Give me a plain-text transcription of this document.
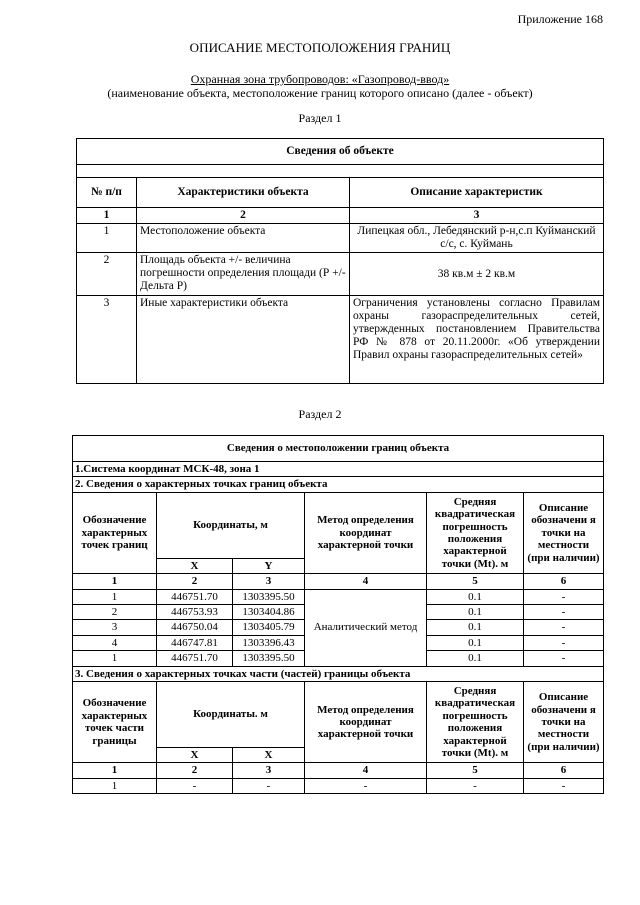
Приложение 168
ОПИСАНИЕ МЕСТОПОЛОЖЕНИЯ ГРАНИЦ
Охранная зона трубопроводов: «Газопровод-ввод»
(наименование объекта, местоположение границ которого описано (далее - объект)
Раздел 1
Сведения об объекте		

№ п/п	Характеристики объекта	Описание характеристик
1	2	3
1	Местоположение объекта	Липецкая обл., Лебедянский р-н,с.п Куйманский с/с, с. Куймань
2	Площадь объекта +/- величина погрешности определения площади (Р +/- Дельта Р)	38 кв.м ± 2 кв.м
3	Иные характеристики объекта	Ограничения установлены согласно Правилам охраны газораспределительных сетей, утвержденных постановлением Правительства РФ № 878 от 20.11.2000г. «Об утверждении Правил охраны газораспределительных сетей»
Раздел 2
Сведения о местоположении границ объекта					
1.Система координат МСК-48, зона 1					
2. Сведения о характерных точках границ объекта					
Обозначение характерных точек границ	Координаты, м		Метод определения координат характерной точки	Средняя квадратическая погрешность положения характерной точки (Mt). м	Описание обозначени я точки на местности (при наличии)
	X	Y			
1	2	3	4	5	6
1	446751.70	1303395.50	Аналитический метод	0.1	-
2	446753.93	1303404.86		0.1	-
3	446750.04	1303405.79		0.1	-
4	446747.81	1303396.43		0.1	-
1	446751.70	1303395.50		0.1	-
3. Сведения о характерных точках части (частей) границы объекта					
Обозначение характерных точек части границы	Координаты. м		Метод определения координат характерной точки	Средняя квадратическая погрешность положения характерной точки (Mt). м	Описание обозначени я точки на местности (при наличии)
	X	X			
1	2	3	4	5	6
1	-	-	-	-	-
